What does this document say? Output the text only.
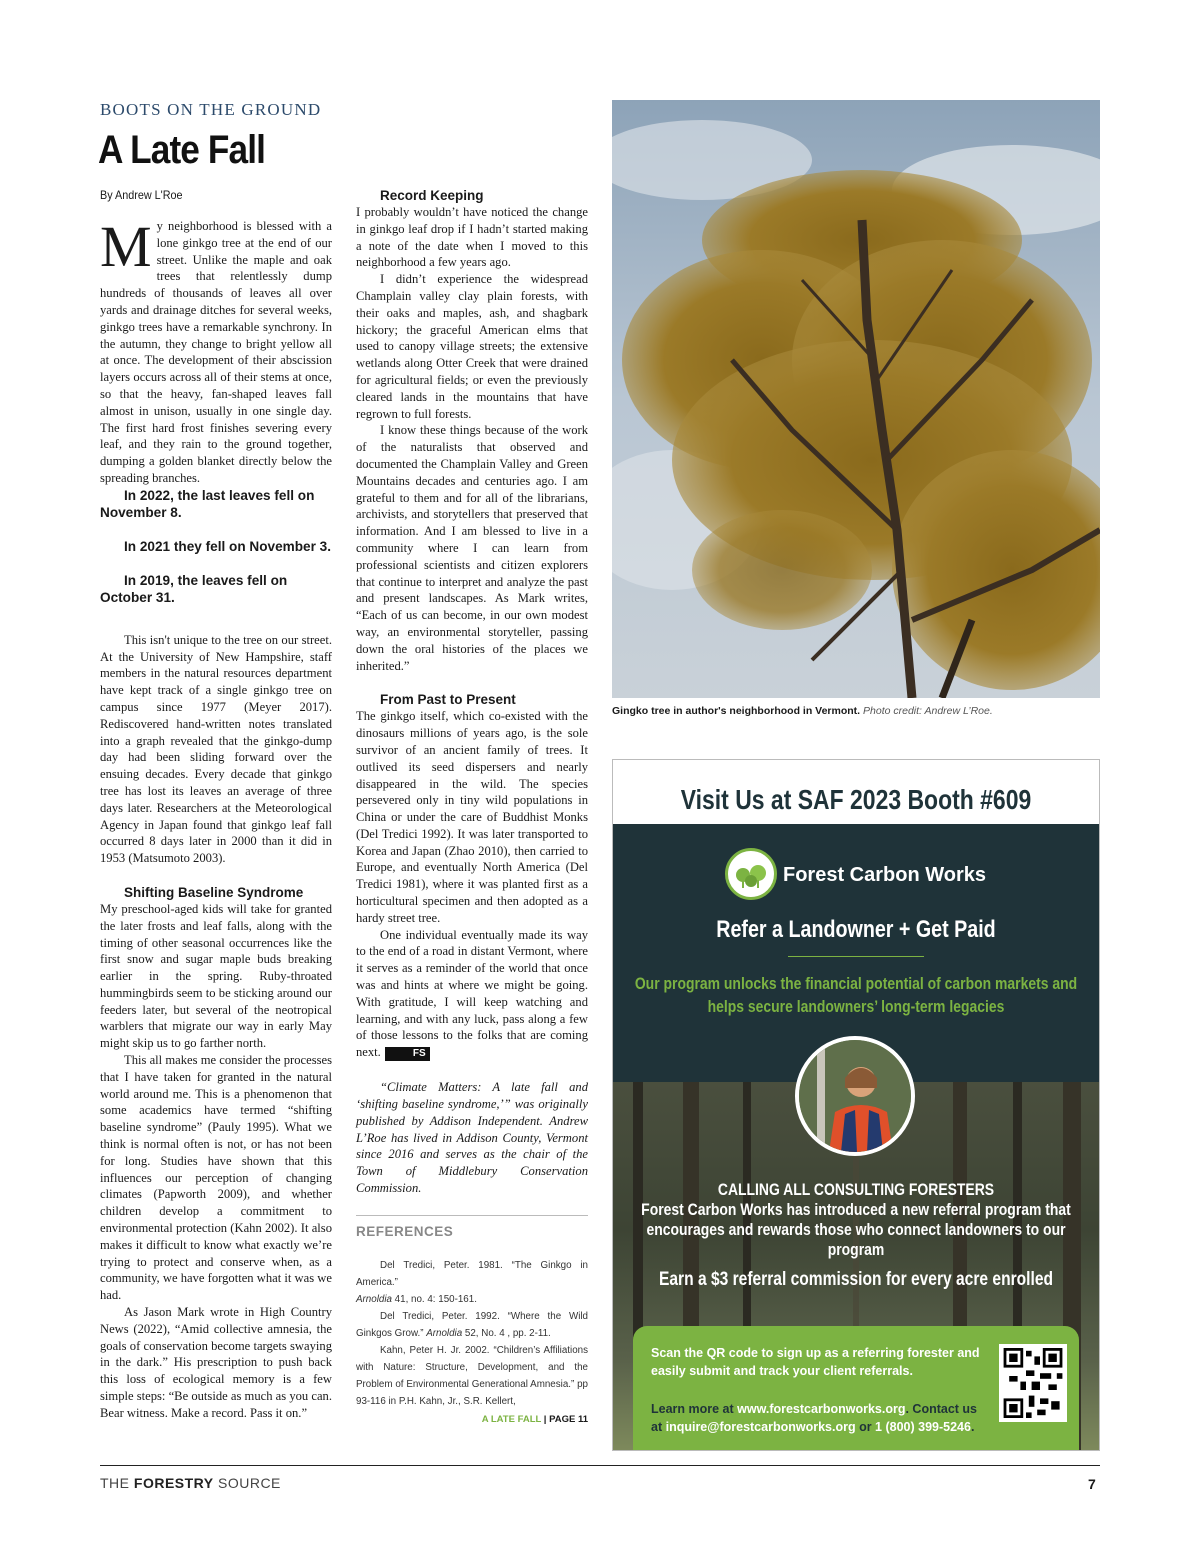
BOOTS ON THE GROUND
A Late Fall
By Andrew L'Roe

My neighborhood is blessed with a lone ginkgo tree at the end of our street. Unlike the maple and oak trees that relentlessly dump hundreds of thousands of leaves all over yards and drainage ditches for several weeks, ginkgo trees have a remarkable synchrony. In the autumn, they change to bright yellow all at once. The development of their abscission layers occurs across all of their stems at once, so that the heavy, fan-shaped leaves fall almost in unison, usually in one single day. The first hard frost finishes severing every leaf, and they rain to the ground together, dumping a golden blanket directly below the spreading branches.

In 2022, the last leaves fell on November 8.

In 2021 they fell on November 3.

In 2019, the leaves fell on October 31.

This isn't unique to the tree on our street. At the University of New Hampshire, staff members in the natural resources department have kept track of a single ginkgo tree on campus since 1977 (Meyer 2017). Rediscovered hand-written notes translated into a graph revealed that the ginkgo-dump day had been sliding forward over the ensuing decades. Every decade that ginkgo tree has lost its leaves an average of three days later. Researchers at the Meteorological Agency in Japan found that ginkgo leaf fall occurred 8 days later in 2000 than it did in 1953 (Matsumoto 2003).

Shifting Baseline Syndrome

My preschool-aged kids will take for granted the later frosts and leaf falls, along with the timing of other seasonal occurrences like the first snow and sugar maple buds breaking earlier in the spring. Ruby-throated hummingbirds seem to be sticking around our feeders later, but several of the neotropical warblers that migrate our way in early May might skip us to go farther north.

This all makes me consider the processes that I have taken for granted in the natural world around me. This is a phenomenon that some academics have termed “shifting baseline syndrome” (Pauly 1995). What we think is normal often is not, or has not been for long. Studies have shown that this influences our perception of changing climates (Papworth 2009), and whether children develop a commitment to environmental protection (Kahn 2002). It also makes it difficult to know what exactly we’re trying to protect and conserve when, as a community, we have forgotten what it was we had.

As Jason Mark wrote in High Country News (2022), “Amid collective amnesia, the goals of conservation become targets swaying in the dark.” His prescription to push back this loss of ecological memory is a few simple steps: “Be outside as much as you can. Bear witness. Make a record. Pass it on.”

Record Keeping

I probably wouldn’t have noticed the change in ginkgo leaf drop if I hadn’t started making a note of the date when I moved to this neighborhood a few years ago.

I didn’t experience the widespread Champlain valley clay plain forests, with their oaks and maples, ash, and shagbark hickory; the graceful American elms that used to canopy village streets; the extensive wetlands along Otter Creek that were drained for agricultural fields; or even the previously cleared lands in the mountains that have regrown to full forests.

I know these things because of the work of the naturalists that observed and documented the Champlain Valley and Green Mountains decades and centuries ago. I am grateful to them and for all of the librarians, archivists, and storytellers that preserved that information. And I am blessed to live in a community where I can learn from professional scientists and citizen explorers that continue to interpret and analyze the past and present landscapes. As Mark writes, “Each of us can become, in our own modest way, an environmental storyteller, passing down the oral histories of the places we inherited.”

From Past to Present

The ginkgo itself, which co-existed with the dinosaurs millions of years ago, is the sole survivor of an ancient family of trees. It outlived its seed dispersers and nearly disappeared in the wild. The species persevered only in tiny wild populations in China or under the care of Buddhist Monks (Del Tredici 1992). It was later transported to Korea and Japan (Zhao 2010), then carried to Europe, and eventually North America (Del Tredici 1981), where it was planted first as a horticultural specimen and then adopted as a hardy street tree.

One individual eventually made its way to the end of a road in distant Vermont, where it serves as a reminder of the world that once was and hints at where we might be going. With gratitude, I will keep watching and learning, and with any luck, pass along a few of those lessons to the folks that are coming next.	FS

“Climate Matters: A late fall and ‘shifting baseline syndrome,’” was originally published by Addison Independent. Andrew L’Roe has lived in Addison County, Vermont since 2016 and serves as the chair of the Town of Middlebury Conservation Commission.

REFERENCES

Del Tredici, Peter. 1981. “The Ginkgo in America.”
Arnoldia 41, no. 4: 150-161.

Del Tredici, Peter. 1992. “Where the Wild Ginkgos Grow.” Arnoldia 52, No. 4 , pp. 2-11.

Kahn, Peter H. Jr. 2002. “Children’s Affiliations with Nature: Structure, Development, and the Problem of Environmental Generational Amnesia.” pp 93-116 in P.H. Kahn, Jr., S.R. Kellert,

A LATE FALL | PAGE 11
Gingko tree in author's neighborhood in Vermont. Photo credit: Andrew L’Roe.
Visit Us at SAF 2023 Booth #609
Forest Carbon Works
Refer a Landowner + Get Paid
Our program unlocks the financial potential of carbon markets and helps secure landowners’ long-term legacies
CALLING ALL CONSULTING FORESTERS
Forest Carbon Works has introduced a new referral program that encourages and rewards those who connect landowners to our program
Earn a $3 referral commission for every acre enrolled
Scan the QR code to sign up as a referring forester and easily submit and track your client referrals.
Learn more at www.forestcarbonworks.org. Contact us at inquire@forestcarbonworks.org or 1 (800) 399-5246.
THE FORESTRY SOURCE	7
